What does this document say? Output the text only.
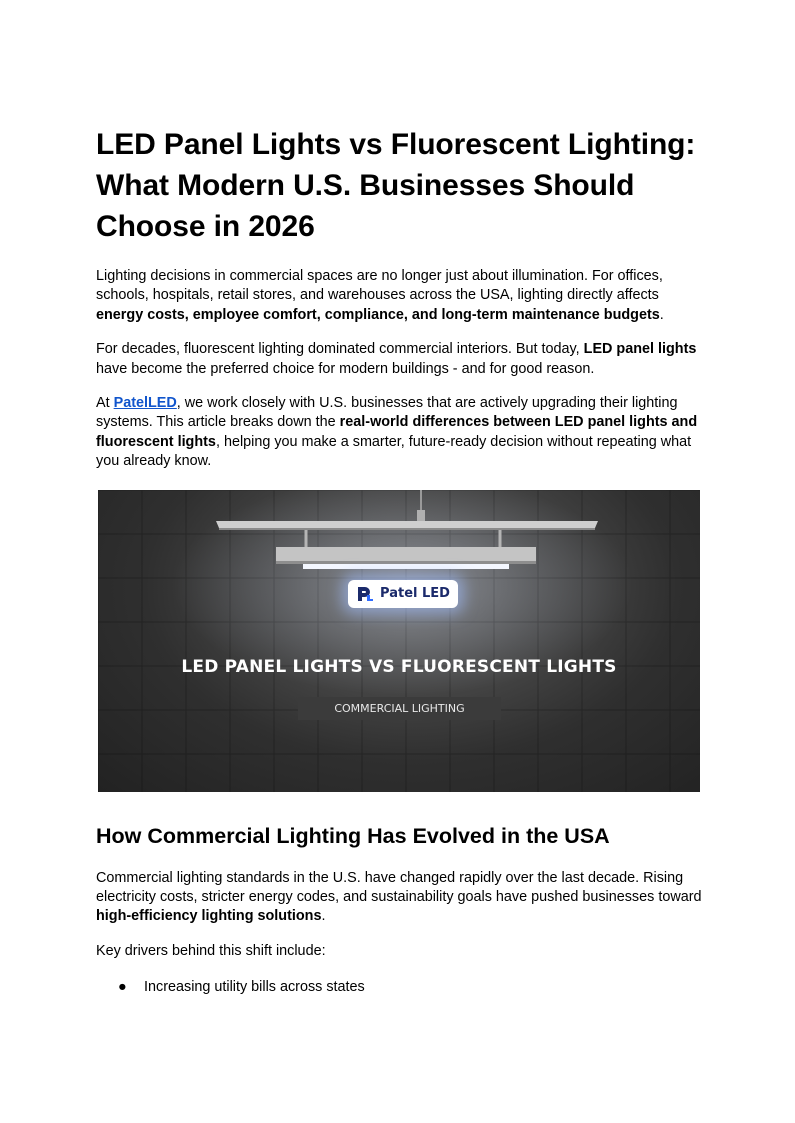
LED Panel Lights vs Fluorescent Lighting: What Modern U.S. Businesses Should Choose in 2026

Lighting decisions in commercial spaces are no longer just about illumination. For offices, schools, hospitals, retail stores, and warehouses across the USA, lighting directly affects energy costs, employee comfort, compliance, and long-term maintenance budgets.

For decades, fluorescent lighting dominated commercial interiors. But today, LED panel lights have become the preferred choice for modern buildings - and for good reason.

At PatelLED, we work closely with U.S. businesses that are actively upgrading their lighting systems. This article breaks down the real-world differences between LED panel lights and fluorescent lights, helping you make a smarter, future-ready decision without repeating what you already know.

Patel LED
LED PANEL LIGHTS VS FLUORESCENT LIGHTS
COMMERCIAL LIGHTING
How Commercial Lighting Has Evolved in the USA

Commercial lighting standards in the U.S. have changed rapidly over the last decade. Rising electricity costs, stricter energy codes, and sustainability goals have pushed businesses toward high-efficiency lighting solutions.

Key drivers behind this shift include:

● Increasing utility bills across states
